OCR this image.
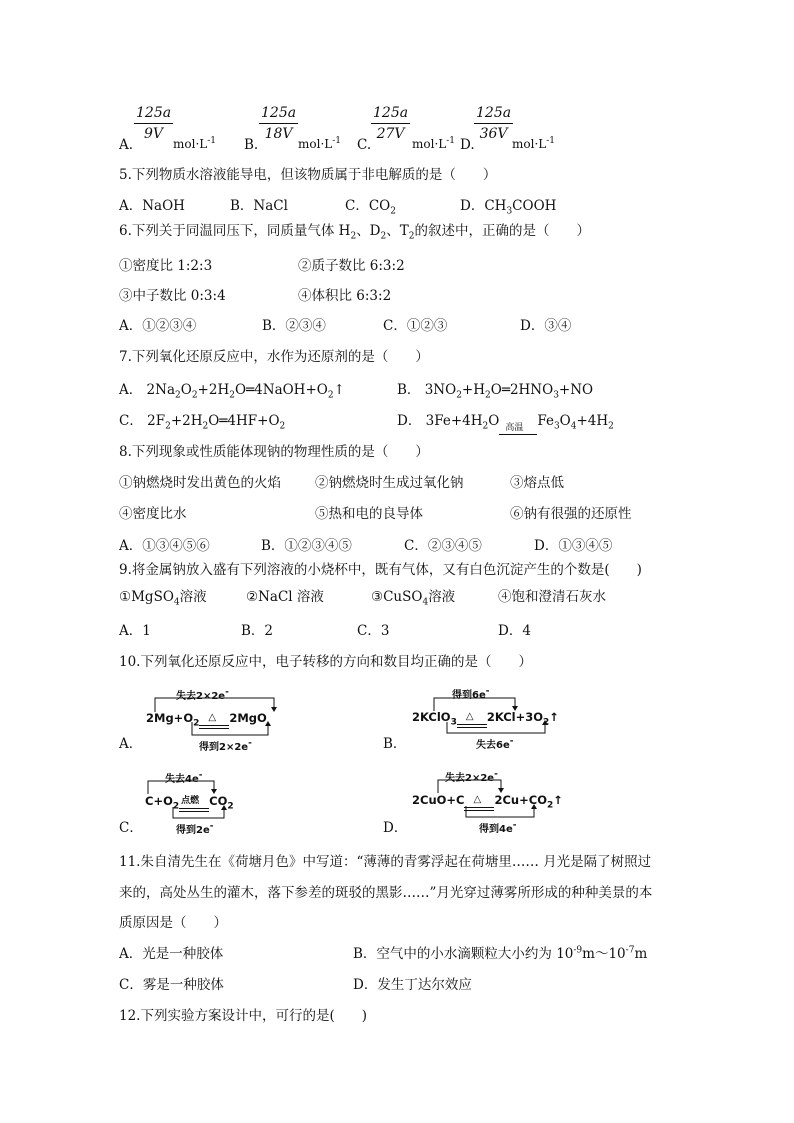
A.
$\frac{125a}{9V}$
$mol\cdot L^{-1}$ B.
$\frac{125a}{18V}$
$mol\cdot L^{-1}$ C.
$\frac{125a}{27V}$
$mol\cdot L^{-1}$ D.
$\frac{125a}{36V}$
$mol\cdot L^{-1}$
5.下列物质水溶液能导电，但该物质属于非电解质的是（　　）
A．NaOH	B．NaCl	C．$CO_2$	D．$CH_3COOH$
6.下列关于同温同压下，同质量气体 $H_2$、$D_2$、$T_2$的叙述中，正确的是（　　）
①密度比 1:2:3	②质子数比 6:3:2
③中子数比 0:3:4	④体积比 6:3:2
A．①②③④	B．②③④	C．①②③	D．③④
7.下列氧化还原反应中，水作为还原剂的是（　　）
A． $2Na_2O_2+2H_2O═4NaOH+O_2↑$	B． $3NO_2+H_2O═2HNO_3+NO$
C． $2F_2+2H_2O═4HF+O_2$	D． $3Fe+4H_2O$ 高温 $Fe_3O_4+4H_2$
8.下列现象或性质能体现钠的物理性质的是（　　）
①钠燃烧时发出黄色的火焰	②钠燃烧时生成过氧化钠	③熔点低
④密度比水	⑤热和电的良导体	⑥钠有很强的还原性
A．①③④⑤⑥	B．①②③④⑤	C．②③④⑤	D．①③④⑤
9.将金属钠放入盛有下列溶液的小烧杯中，既有气体，又有白色沉淀产生的个数是(　　)
①MgSO$_4$溶液	②NaCl 溶液	③CuSO$_4$溶液	④饱和澄清石灰水
A．1	B．2	C．3	D．4
10.下列氧化还原反应中，电子转移的方向和数目均正确的是（　　）
失去2×2e-
$2Mg+O_2$
△ 2MgO
得到2×2e-
A．
得到6e-
2KClO$_3$
△ $2KCl+3O_2↑$
失去6e-
B．
失去4e-
$C+O_2$
点燃 $CO_2$
得到2e-
C．
失去2×2e-
2CuO+C △ $2Cu+CO_2↑$
得到4e-
D．
11.朱自清先生在《荷塘月色》中写道：“薄薄的青雾浮起在荷塘里…… 月光是隔了树照过
来的，高处丛生的灌木，落下参差的斑驳的黑影……”月光穿过薄雾所形成的种种美景的本
质原因是（　　）
A．光是一种胶体	B．空气中的小水滴颗粒大小约为 $10^{-9}m\sim 10^{-7}m$
C．雾是一种胶体	D．发生丁达尔效应
12.下列实验方案设计中，可行的是(　　)
